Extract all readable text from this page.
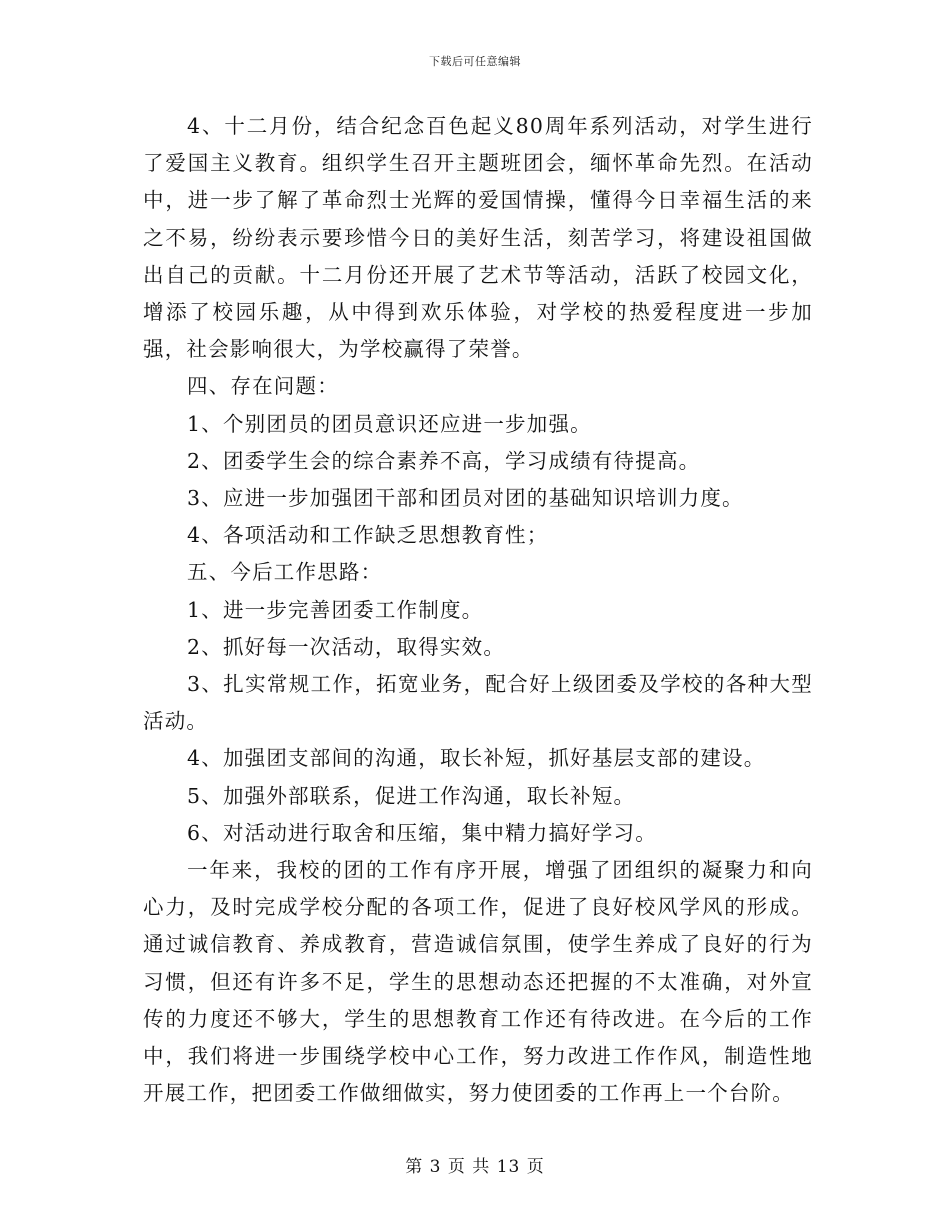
下载后可任意编辑

4、十二月份，结合纪念百色起义80周年系列活动，对学生进行了爱国主义教育。组织学生召开主题班团会，缅怀革命先烈。在活动中，进一步了解了革命烈士光辉的爱国情操，懂得今日幸福生活的来之不易，纷纷表示要珍惜今日的美好生活，刻苦学习，将建设祖国做出自己的贡献。十二月份还开展了艺术节等活动，活跃了校园文化，增添了校园乐趣，从中得到欢乐体验，对学校的热爱程度进一步加强，社会影响很大，为学校赢得了荣誉。

四、存在问题：

1、个别团员的团员意识还应进一步加强。

2、团委学生会的综合素养不高，学习成绩有待提高。

3、应进一步加强团干部和团员对团的基础知识培训力度。

4、各项活动和工作缺乏思想教育性；

五、今后工作思路：

1、进一步完善团委工作制度。

2、抓好每一次活动，取得实效。

3、扎实常规工作，拓宽业务，配合好上级团委及学校的各种大型活动。

4、加强团支部间的沟通，取长补短，抓好基层支部的建设。

5、加强外部联系，促进工作沟通，取长补短。

6、对活动进行取舍和压缩，集中精力搞好学习。

一年来，我校的团的工作有序开展，增强了团组织的凝聚力和向心力，及时完成学校分配的各项工作，促进了良好校风学风的形成。通过诚信教育、养成教育，营造诚信氛围，使学生养成了良好的行为习惯，但还有许多不足，学生的思想动态还把握的不太准确，对外宣传的力度还不够大，学生的思想教育工作还有待改进。在今后的工作中，我们将进一步围绕学校中心工作，努力改进工作作风，制造性地开展工作，把团委工作做细做实，努力使团委的工作再上一个台阶。

第 3 页 共 13 页
